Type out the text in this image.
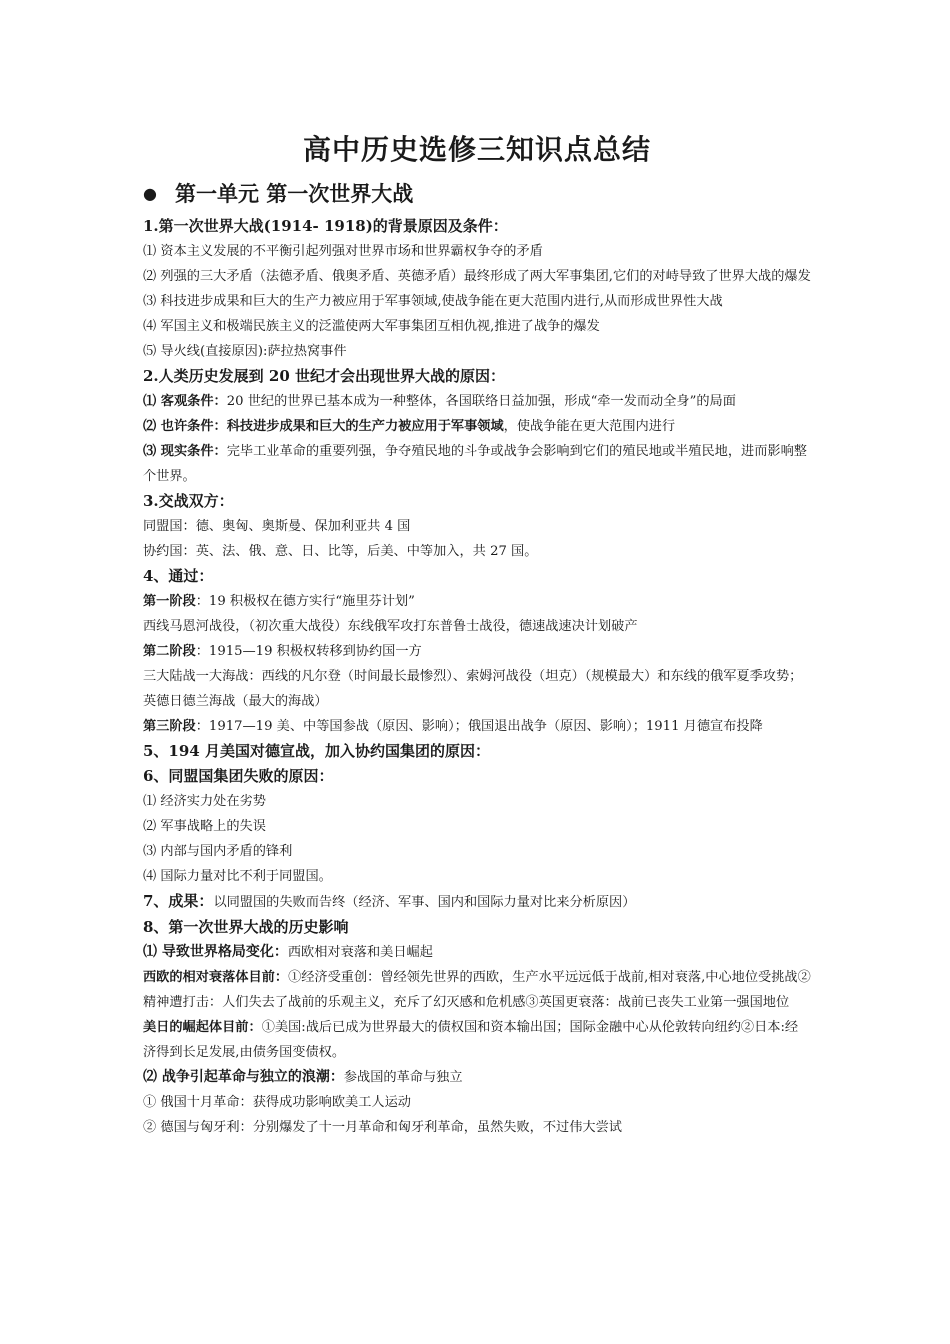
高中历史选修三知识点总结
● 第一单元 第一次世界大战
1.第一次世界大战(1914- 1918)的背景原因及条件：
⑴ 资本主义发展的不平衡引起列强对世界市场和世界霸权争夺的矛盾
⑵ 列强的三大矛盾（法德矛盾、俄奥矛盾、英德矛盾）最终形成了两大军事集团,它们的对峙导致了世界大战的爆发
⑶ 科技进步成果和巨大的生产力被应用于军事领域,使战争能在更大范围内进行,从而形成世界性大战
⑷ 军国主义和极端民族主义的泛滥使两大军事集团互相仇视,推进了战争的爆发
⑸ 导火线(直接原因):萨拉热窝事件
2.人类历史发展到 20 世纪才会出现世界大战的原因：
⑴ 客观条件：20 世纪的世界已基本成为一种整体，各国联络日益加强，形成“牵一发而动全身”的局面
⑵ 也许条件：科技进步成果和巨大的生产力被应用于军事领域，使战争能在更大范围内进行
⑶ 现实条件：完毕工业革命的重要列强，争夺殖民地的斗争或战争会影响到它们的殖民地或半殖民地，进而影响整个世界。
3.交战双方：
同盟国：德、奥匈、奥斯曼、保加利亚共 4 国
协约国：英、法、俄、意、日、比等，后美、中等加入，共 27 国。
4、通过：
第一阶段：19 积极权在德方实行“施里芬计划”
西线马恩河战役，（初次重大战役）东线俄军攻打东普鲁士战役，德速战速决计划破产
第二阶段：1915—19 积极权转移到协约国一方
三大陆战一大海战：西线的凡尔登（时间最长最惨烈）、索姆河战役（坦克）（规模最大）和东线的俄军夏季攻势；英德日德兰海战（最大的海战）
第三阶段：1917—19 美、中等国参战（原因、影响）；俄国退出战争（原因、影响）；1911 月德宣布投降
5、194 月美国对德宣战，加入协约国集团的原因：
6、同盟国集团失败的原因：
⑴ 经济实力处在劣势
⑵ 军事战略上的失误
⑶ 内部与国内矛盾的锋利
⑷ 国际力量对比不利于同盟国。
7、成果：以同盟国的失败而告终（经济、军事、国内和国际力量对比来分析原因）
8、第一次世界大战的历史影响
⑴ 导致世界格局变化：西欧相对衰落和美日崛起
西欧的相对衰落体目前：①经济受重创：曾经领先世界的西欧，生产水平远远低于战前,相对衰落,中心地位受挑战②精神遭打击：人们失去了战前的乐观主义，充斥了幻灭感和危机感③英国更衰落：战前已丧失工业第一强国地位
美日的崛起体目前：①美国:战后已成为世界最大的债权国和资本输出国；国际金融中心从伦敦转向纽约②日本:经济得到长足发展,由债务国变债权。
⑵ 战争引起革命与独立的浪潮：参战国的革命与独立
① 俄国十月革命：获得成功影响欧美工人运动
② 德国与匈牙利：分别爆发了十一月革命和匈牙利革命，虽然失败，不过伟大尝试
